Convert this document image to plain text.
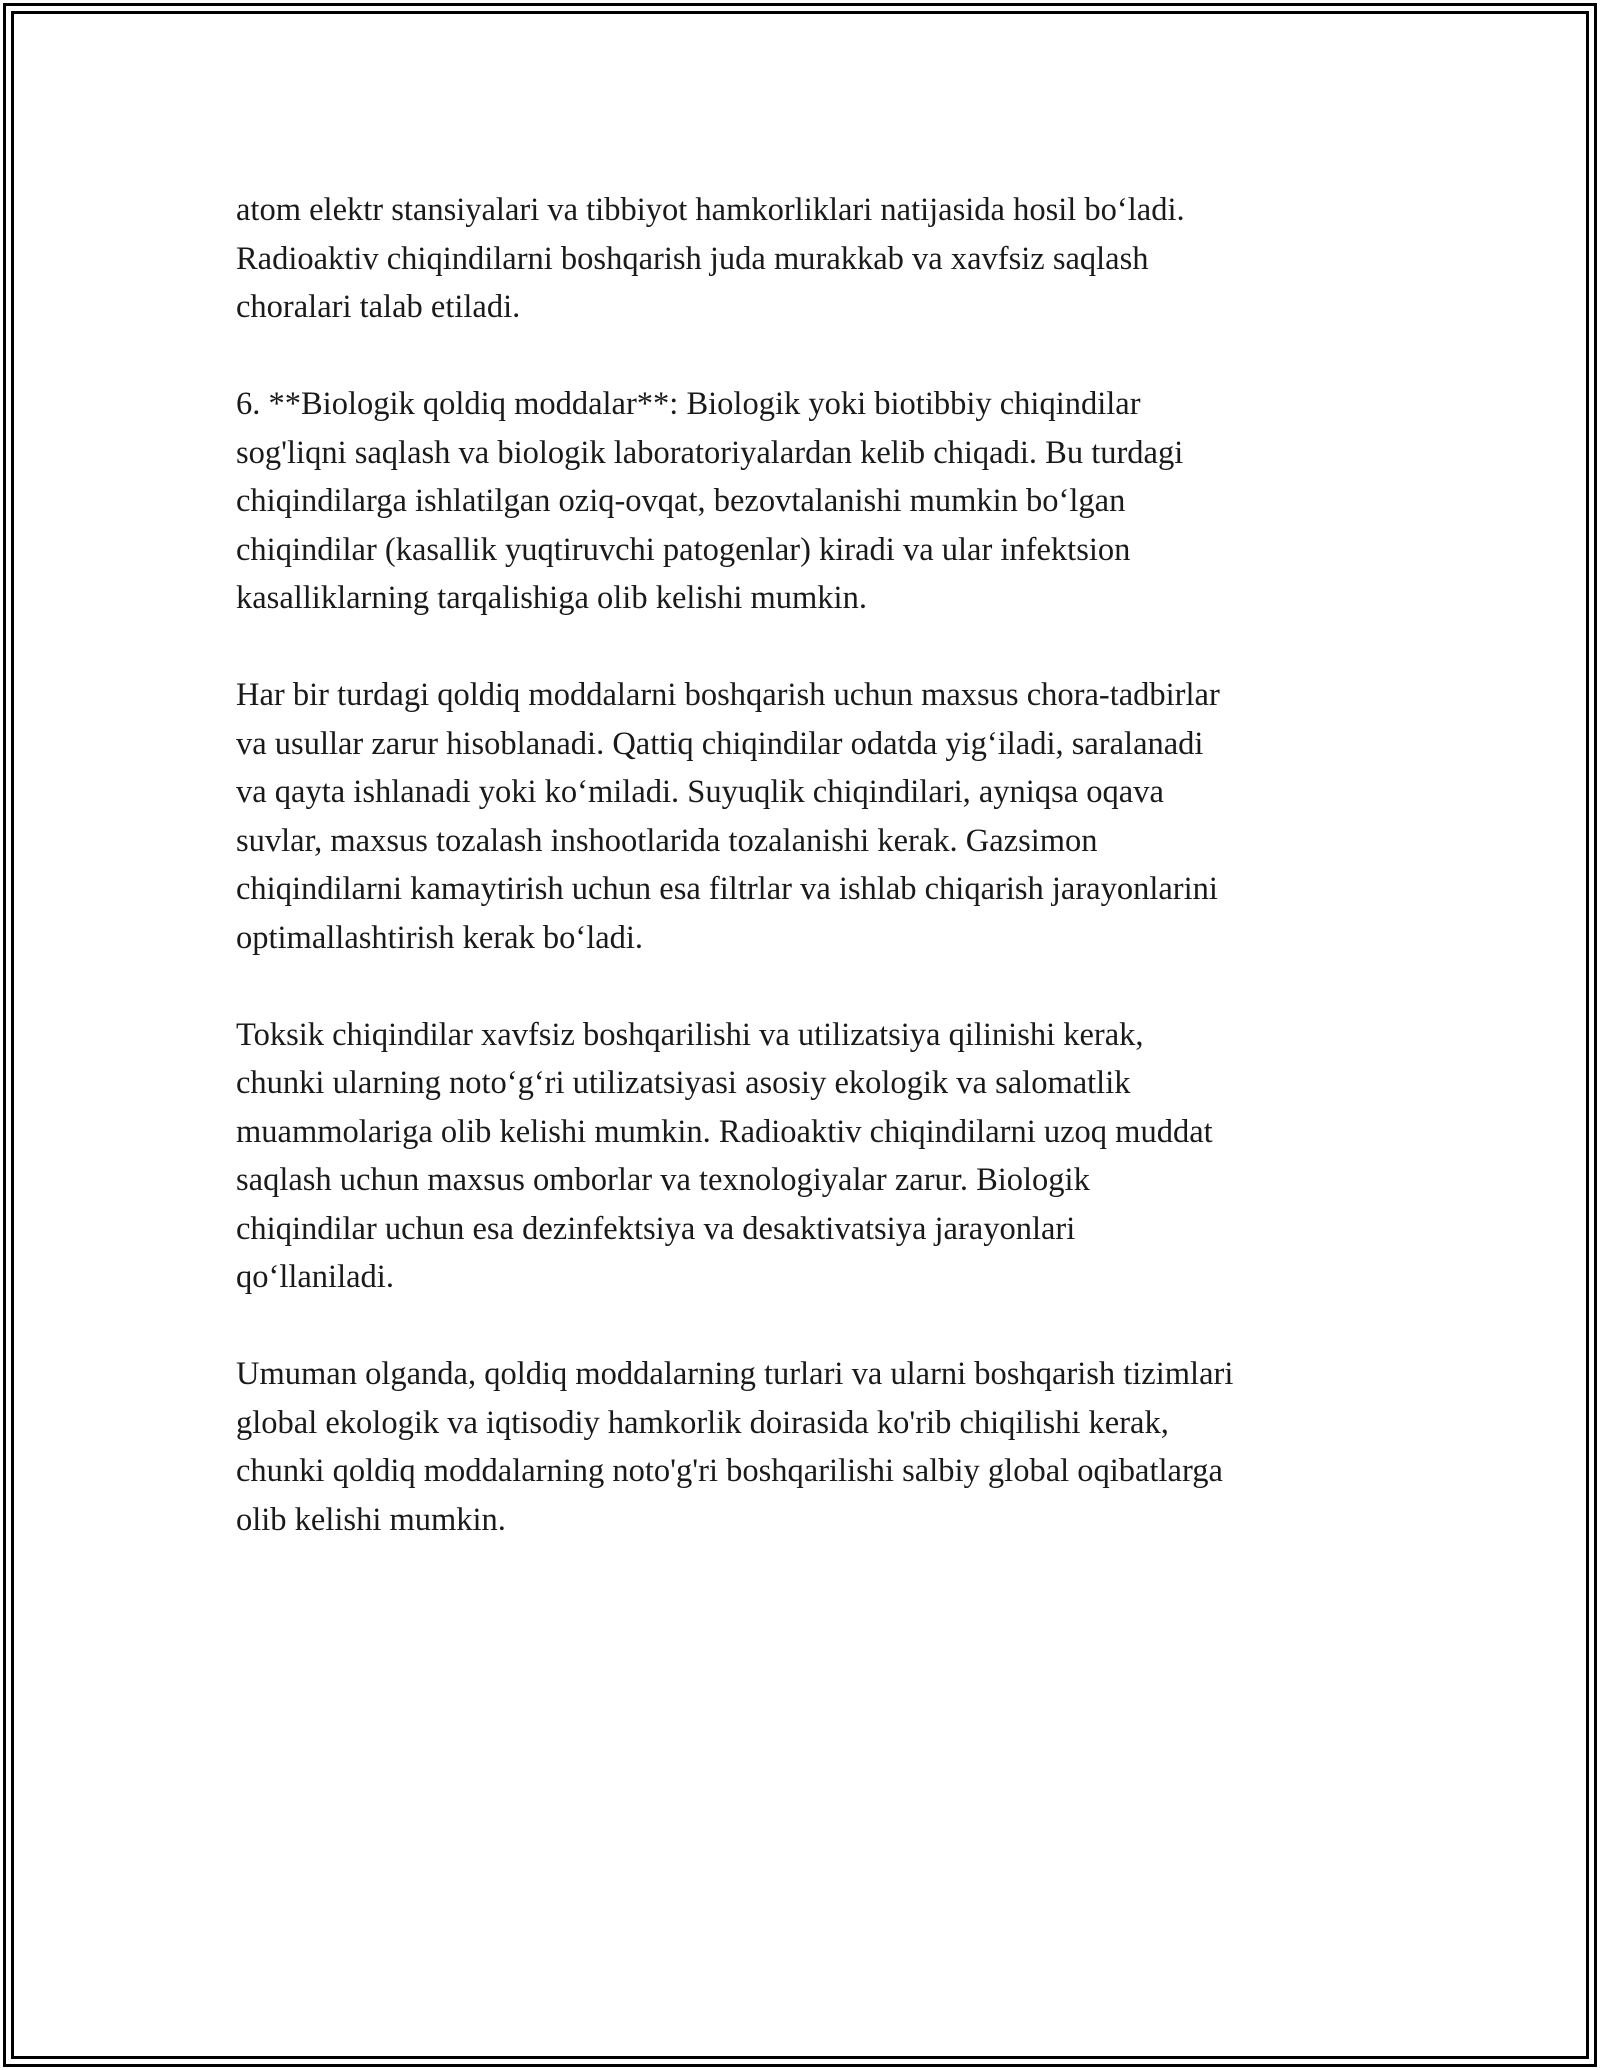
atom elektr stansiyalari va tibbiyot hamkorliklari natijasida hosil bo‘ladi.
Radioaktiv chiqindilarni boshqarish juda murakkab va xavfsiz saqlash
choralari talab etiladi.

6. **Biologik qoldiq moddalar**: Biologik yoki biotibbiy chiqindilar
sog'liqni saqlash va biologik laboratoriyalardan kelib chiqadi. Bu turdagi
chiqindilarga ishlatilgan oziq-ovqat, bezovtalanishi mumkin bo‘lgan
chiqindilar (kasallik yuqtiruvchi patogenlar) kiradi va ular infektsion
kasalliklarning tarqalishiga olib kelishi mumkin.

Har bir turdagi qoldiq moddalarni boshqarish uchun maxsus chora-tadbirlar
va usullar zarur hisoblanadi. Qattiq chiqindilar odatda yig‘iladi, saralanadi
va qayta ishlanadi yoki ko‘miladi. Suyuqlik chiqindilari, ayniqsa oqava
suvlar, maxsus tozalash inshootlarida tozalanishi kerak. Gazsimon
chiqindilarni kamaytirish uchun esa filtrlar va ishlab chiqarish jarayonlarini
optimallashtirish kerak bo‘ladi.

Toksik chiqindilar xavfsiz boshqarilishi va utilizatsiya qilinishi kerak,
chunki ularning noto‘g‘ri utilizatsiyasi asosiy ekologik va salomatlik
muammolariga olib kelishi mumkin. Radioaktiv chiqindilarni uzoq muddat
saqlash uchun maxsus omborlar va texnologiyalar zarur. Biologik
chiqindilar uchun esa dezinfektsiya va desaktivatsiya jarayonlari
qo‘llaniladi.

Umuman olganda, qoldiq moddalarning turlari va ularni boshqarish tizimlari
global ekologik va iqtisodiy hamkorlik doirasida ko'rib chiqilishi kerak,
chunki qoldiq moddalarning noto'g'ri boshqarilishi salbiy global oqibatlarga
olib kelishi mumkin.
